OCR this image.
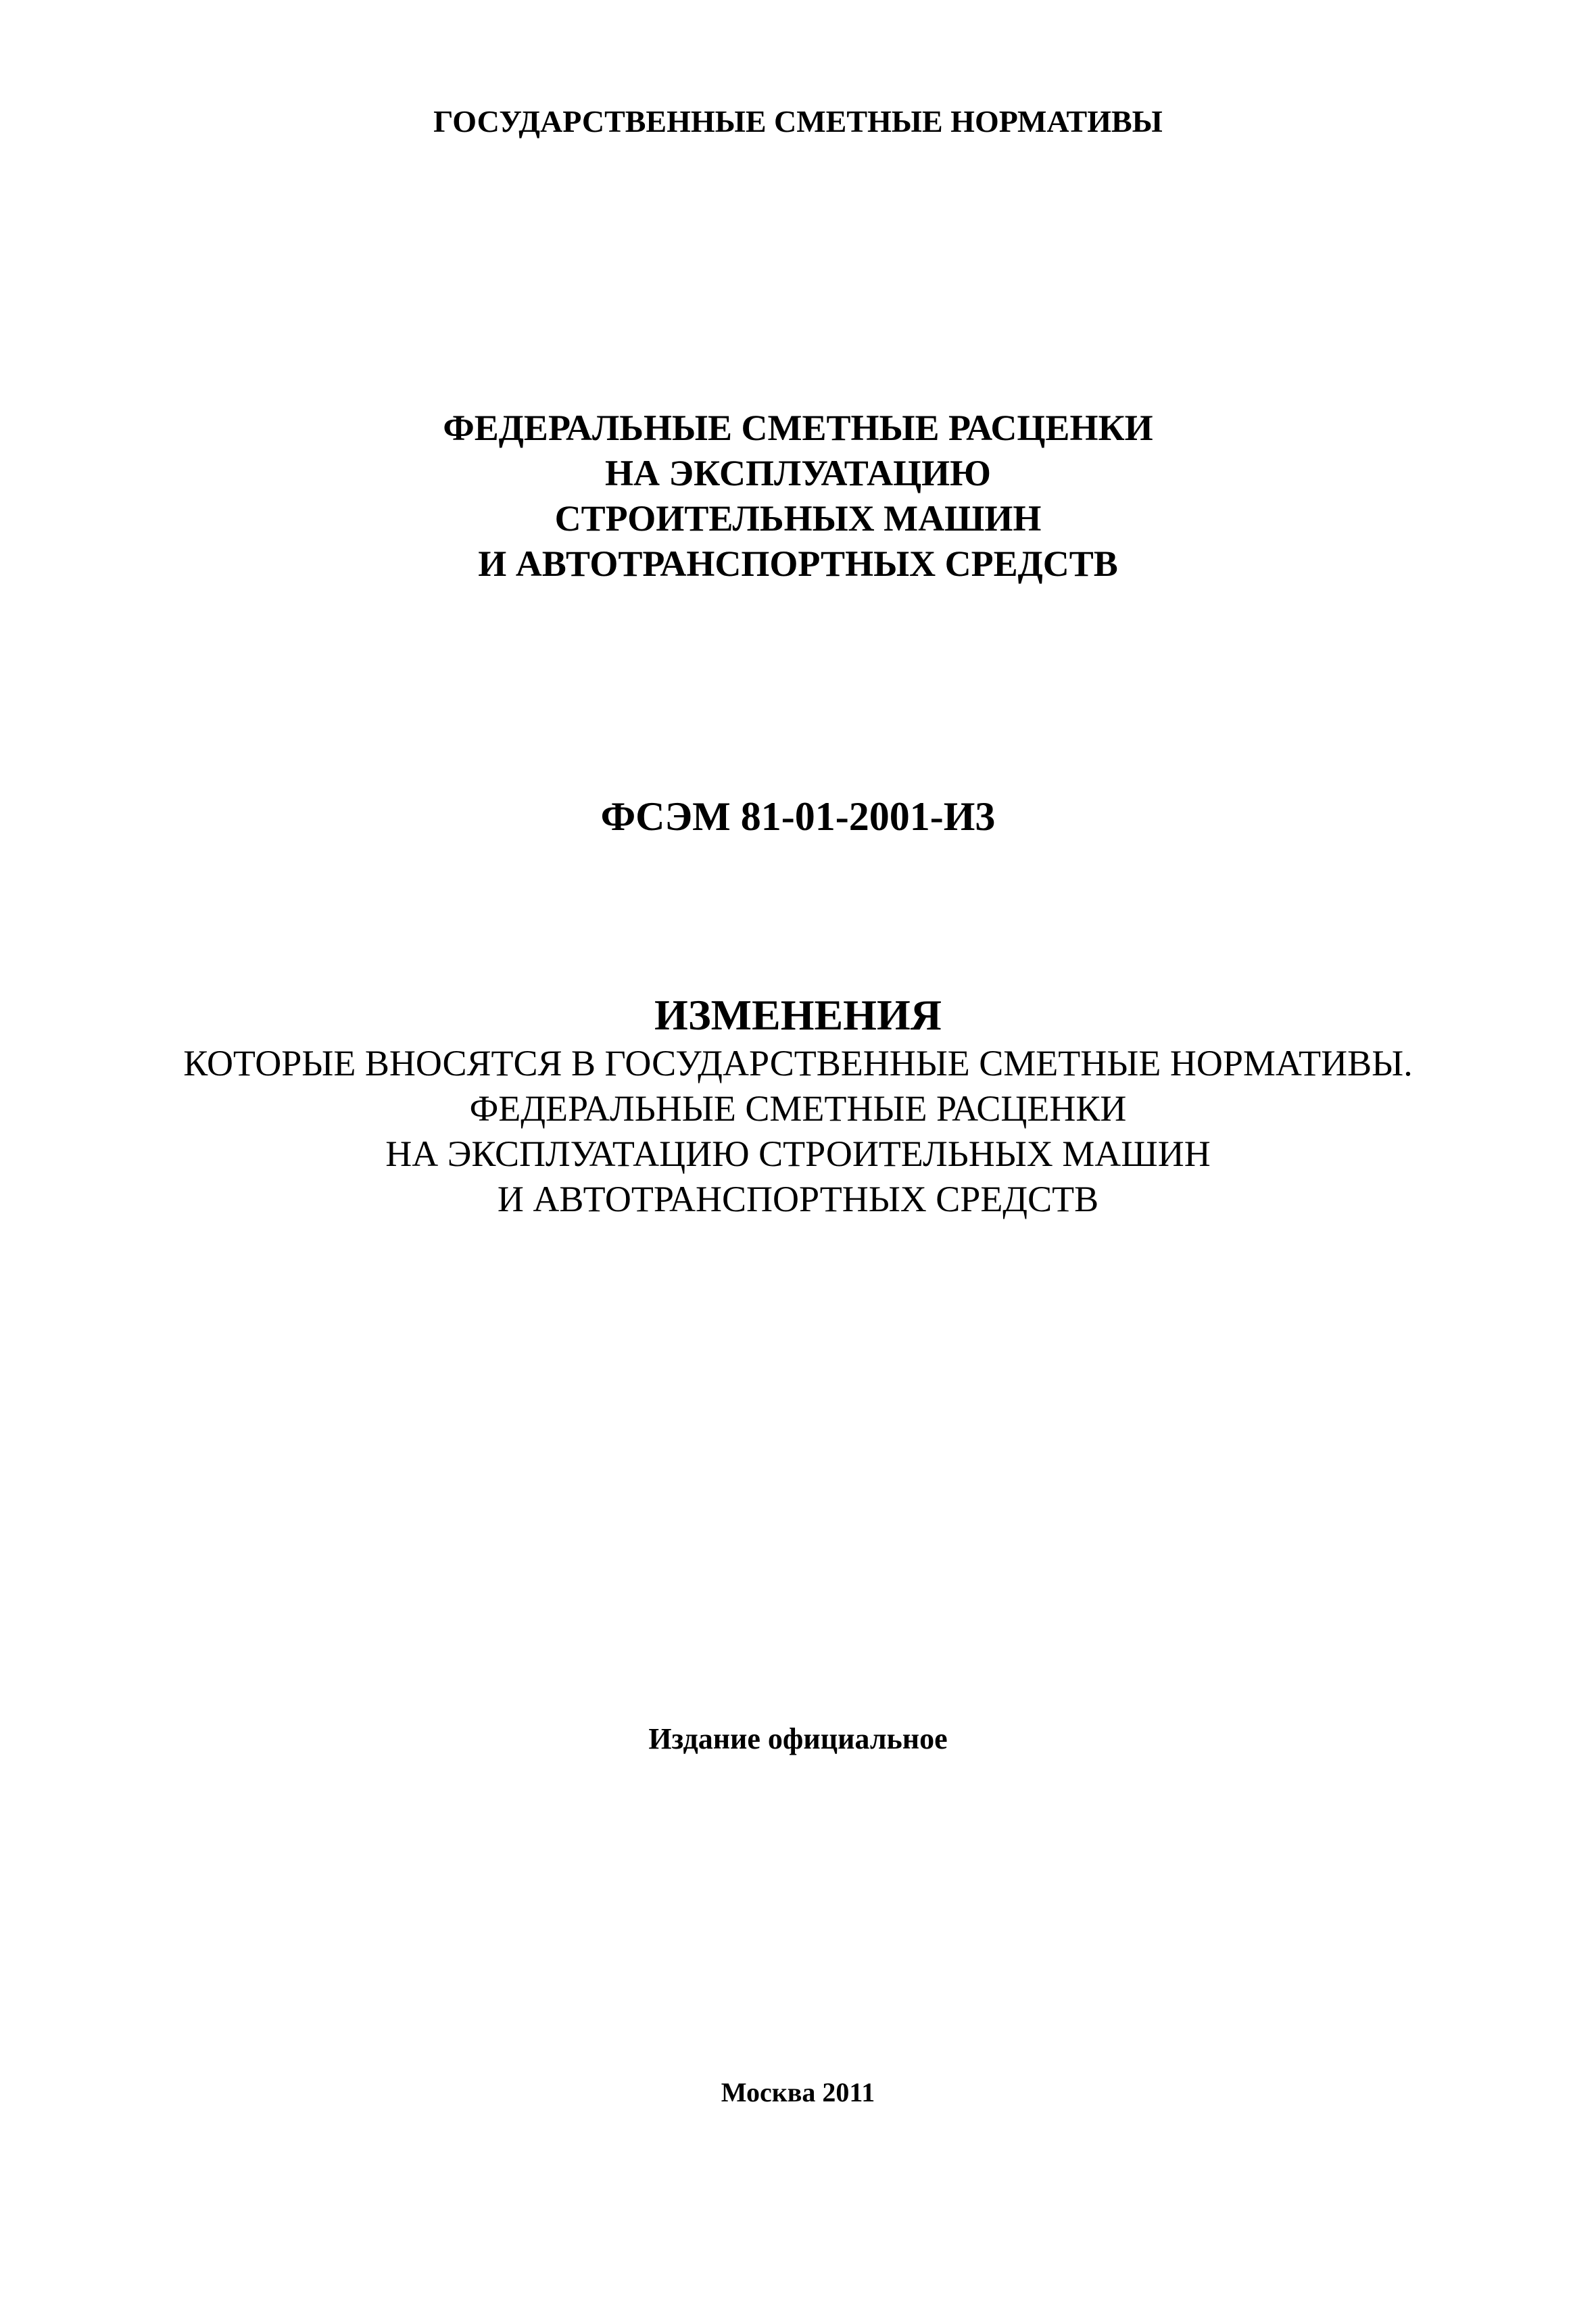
ГОСУДАРСТВЕННЫЕ СМЕТНЫЕ НОРМАТИВЫ
ФЕДЕРАЛЬНЫЕ СМЕТНЫЕ РАСЦЕНКИ
НА ЭКСПЛУАТАЦИЮ
СТРОИТЕЛЬНЫХ МАШИН
И АВТОТРАНСПОРТНЫХ СРЕДСТВ
ФСЭМ 81-01-2001-И3
ИЗМЕНЕНИЯ
КОТОРЫЕ ВНОСЯТСЯ В ГОСУДАРСТВЕННЫЕ СМЕТНЫЕ НОРМАТИВЫ.
ФЕДЕРАЛЬНЫЕ СМЕТНЫЕ РАСЦЕНКИ
НА ЭКСПЛУАТАЦИЮ СТРОИТЕЛЬНЫХ МАШИН
И АВТОТРАНСПОРТНЫХ СРЕДСТВ
Издание официальное
Москва 2011
